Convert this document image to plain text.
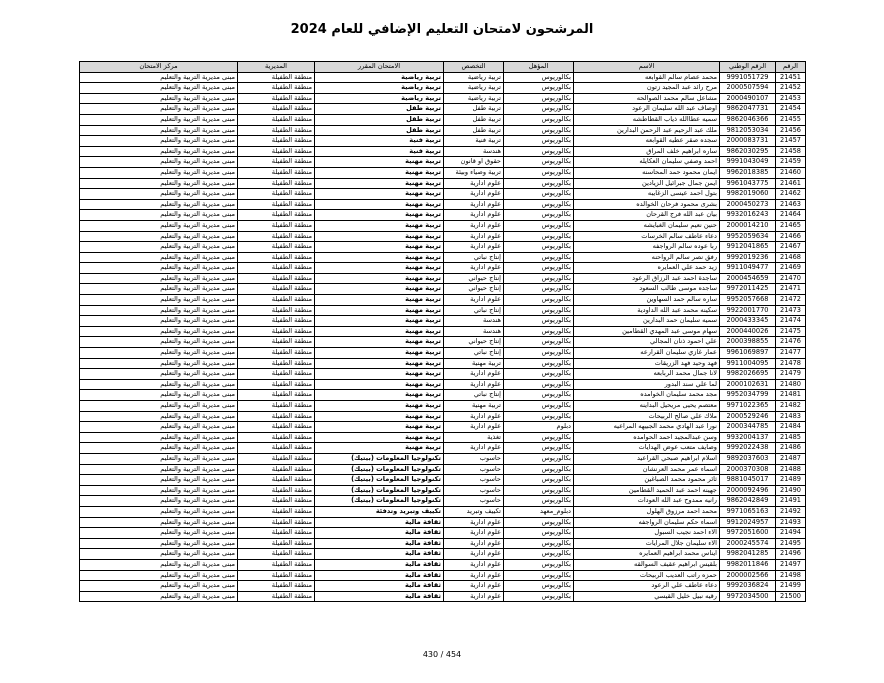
المرشحون لامتحان التعليم الإضافي للعام 2024
الرقم	الرقم الوطني	الاسم	المؤهل	التخصص	الامتحان المقرر	المديرية	مركز الامتحان
21451	9991051729	محمد عصام سالم القوابعه	بكالوريوس	تربية رياضية	تربية رياضية	منطقة الطفيلة	مبنى مديرية التربية والتعليم
21452	2000507594	مرح رائد عبد المجيد زتون	بكالوريوس	تربية رياضية	تربية رياضية	منطقة الطفيلة	مبنى مديرية التربية والتعليم
21453	2000490107	مشاعل سالم محمد الصوالحه	بكالوريوس	تربية رياضية	تربية رياضية	منطقة الطفيلة	مبنى مديرية التربية والتعليم
21454	9862047731	اوصاف عبد الله سليمان الرعود	بكالوريوس	تربية طفل	تربية طفل	منطقة الطفيلة	مبنى مديرية التربية والتعليم
21455	9862046366	سميه عطاالله ذياب القطاطشه	بكالوريوس	تربية طفل	تربية طفل	منطقة الطفيلة	مبنى مديرية التربية والتعليم
21456	9812053034	ملك عبد الرحيم عبد الرحمن البدارين	بكالوريوس	تربية طفل	تربية طفل	منطقة الطفيلة	مبنى مديرية التربية والتعليم
21457	2000083731	سجده صقر عطيه القوابعه	بكالوريوس	تربية فنية	تربية فنية	منطقة الطفيلة	مبنى مديرية التربية والتعليم
21458	9862030295	ساره ابراهيم خلف المراق	بكالوريوس	هندسة	تربية فنية	منطقة الطفيلة	مبنى مديرية التربية والتعليم
21459	9991043049	احمد وصفي سليمان العكايله	بكالوريوس	حقوق او قانون	تربية مهنية	منطقة الطفيلة	مبنى مديرية التربية والتعليم
21460	9962018385	ايمان محمود حمد المحاسنه	بكالوريوس	تربية وصياء وبيئة	تربية مهنية	منطقة الطفيلة	مبنى مديرية التربية والتعليم
21461	9961043775	ايمن جمال جبرائيل الزيادين	بكالوريوس	علوم ادارية	تربية مهنية	منطقة الطفيلة	مبنى مديرية التربية والتعليم
21462	9982019060	بتول احمد عيسى الزغايبه	بكالوريوس	علوم ادارية	تربية مهنية	منطقة الطفيلة	مبنى مديرية التربية والتعليم
21463	2000450273	بشرى محمود فرحان الخوالده	بكالوريوس	علوم ادارية	تربية مهنية	منطقة الطفيلة	مبنى مديرية التربية والتعليم
21464	9932016243	بيان عبد الله فرج القرحان	بكالوريوس	علوم ادارية	تربية مهنية	منطقة الطفيلة	مبنى مديرية التربية والتعليم
21465	2000014210	حنين نعيم سليمان الغبايشه	بكالوريوس	علوم ادارية	تربية مهنية	منطقة الطفيلة	مبنى مديرية التربية والتعليم
21466	9952059634	دعاء عاطف سالم الخرسات	بكالوريوس	علوم ادارية	تربية مهنية	منطقة الطفيلة	مبنى مديرية التربية والتعليم
21467	9912041865	ربا عوده سالم الرواجفه	بكالوريوس	علوم ادارية	تربية مهنية	منطقة الطفيلة	مبنى مديرية التربية والتعليم
21468	9992019236	رفق نصر سالم الرواحنه	بكالوريوس	إنتاج نباتي	تربية مهنية	منطقة الطفيلة	مبنى مديرية التربية والتعليم
21469	9911049477	زيد حمد علي العمايره	بكالوريوس	علوم ادارية	تربية مهنية	منطقة الطفيلة	مبنى مديرية التربية والتعليم
21470	2000454659	ساجدة احمد عبد الرزاق الرعود	بكالوريوس	إنتاج حيواني	تربية مهنية	منطقة الطفيلة	مبنى مديرية التربية والتعليم
21471	9972011425	ساجده موسى طالب السعود	بكالوريوس	إنتاج حيواني	تربية مهنية	منطقة الطفيلة	مبنى مديرية التربية والتعليم
21472	9952057668	ساره سالم حمد السهاوين	بكالوريوس	علوم ادارية	تربية مهنية	منطقة الطفيلة	مبنى مديرية التربية والتعليم
21473	9922001770	سكينه محمد عبد الله الداودية	بكالوريوس	إنتاج نباتي	تربية مهنية	منطقة الطفيلة	مبنى مديرية التربية والتعليم
21474	2000433345	سميه سليمان حمد البدارين	بكالوريوس	هندسة	تربية مهنية	منطقة الطفيلة	مبنى مديرية التربية والتعليم
21475	2000440026	سهام موسى عبد المهدي القطامين	بكالوريوس	هندسة	تربية مهنية	منطقة الطفيلة	مبنى مديرية التربية والتعليم
21476	2000398855	علي احمود ذنان المجالي	بكالوريوس	إنتاج حيواني	تربية مهنية	منطقة الطفيلة	مبنى مديرية التربية والتعليم
21477	9961069897	عمار غازي سليمان القرارعه	بكالوريوس	إنتاج نباتي	تربية مهنية	منطقة الطفيلة	مبنى مديرية التربية والتعليم
21478	9911004095	فهد وحيد فهد الزريقات	بكالوريوس	تربية مهنية	تربية مهنية	منطقة الطفيلة	مبنى مديرية التربية والتعليم
21479	9982026695	لانا جمال محمد الربابعه	بكالوريوس	علوم ادارية	تربية مهنية	منطقة الطفيلة	مبنى مديرية التربية والتعليم
21480	2000102631	لما علي سند البدور	بكالوريوس	علوم ادارية	تربية مهنية	منطقة الطفيلة	مبنى مديرية التربية والتعليم
21481	9952034799	مجد محمد سليمان الخوامده	بكالوريوس	إنتاج نباتي	تربية مهنية	منطقة الطفيلة	مبنى مديرية التربية والتعليم
21482	9971022365	معتصم يحيى مريحيل البداينه	بكالوريوس	تربية مهنية	تربية مهنية	منطقة الطفيلة	مبنى مديرية التربية والتعليم
21483	2000529246	ملاك علي صالح الربيحات	بكالوريوس	علوم ادارية	تربية مهنية	منطقة الطفيلة	مبنى مديرية التربية والتعليم
21484	2000344785	نورا عبد الهادي محمد الجبيهه المراعيه	دبلوم	علوم ادارية	تربية مهنية	منطقة الطفيلة	مبنى مديرية التربية والتعليم
21485	9932004137	وسن عبدالمجيد احمد الحوامده	بكالوريوس	تغذية	تربية مهنية	منطقة الطفيلة	مبنى مديرية التربية والتعليم
21486	9992022438	وصايف متعب عوض الهدايات	بكالوريوس	علوم ادارية	تربية مهنية	منطقة الطفيلة	مبنى مديرية التربية والتعليم
21487	9892037603	اسلام ابراهيم صبحي القراعيد	بكالوريوس	حاسوب	تكنولوجيا المعلومات (بيتيك)	منطقة الطفيلة	مبنى مديرية التربية والتعليم
21488	2000370308	اسماء عمر محمد العرنشان	بكالوريوس	حاسوب	تكنولوجيا المعلومات (بيتيك)	منطقة الطفيلة	مبنى مديرية التربية والتعليم
21489	9881045017	ثائر محمود محمد الصباغين	بكالوريوس	حاسوب	تكنولوجيا المعلومات (بيتيك)	منطقة الطفيلة	مبنى مديرية التربية والتعليم
21490	2000092496	جهينه احمد عبد الحميد القطامين	بكالوريوس	حاسوب	تكنولوجيا المعلومات (بيتيك)	منطقة الطفيلة	مبنى مديرية التربية والتعليم
21491	9862042849	رانيه ممدوح عبد الله العودات	بكالوريوس	حاسوب	تكنولوجيا المعلومات (بيتيك)	منطقة الطفيلة	مبنى مديرية التربية والتعليم
21492	9971065163	محمد احمد مرزوق الهلول	دبلوم_معهد	تكييف وتبريد	تكييف وتبريد وتدفئة	منطقة الطفيلة	مبنى مديرية التربية والتعليم
21493	9912024957	اسماء حكم سليمان الرواجفه	بكالوريوس	علوم ادارية	ثقافة مالية	منطقة الطفيلة	مبنى مديرية التربية والتعليم
21494	9972051600	الاء احمد نجيب السبول	بكالوريوس	علوم ادارية	ثقافة مالية	منطقة الطفيلة	مبنى مديرية التربية والتعليم
21495	2000245574	الاء سليمان جلال المرايات	بكالوريوس	علوم ادارية	ثقافة مالية	منطقة الطفيلة	مبنى مديرية التربية والتعليم
21496	9982041285	ايناس محمد ابراهيم العمايره	بكالوريوس	علوم ادارية	ثقافة مالية	منطقة الطفيلة	مبنى مديرية التربية والتعليم
21497	9982011846	بلقيس ابراهيم عقيف السوالقه	بكالوريوس	علوم ادارية	ثقافة مالية	منطقة الطفيلة	مبنى مديرية التربية والتعليم
21498	2000002566	حمزه راتب العديب الربيحات	بكالوريوس	علوم ادارية	ثقافة مالية	منطقة الطفيلة	مبنى مديرية التربية والتعليم
21499	9992036824	دعاء عاطف علي الرعود	بكالوريوس	علوم ادارية	ثقافة مالية	منطقة الطفيلة	مبنى مديرية التربية والتعليم
21500	9972034500	رقيه نبيل خليل القيسي	بكالوريوس	علوم ادارية	ثقافة مالية	منطقة الطفيلة	مبنى مديرية التربية والتعليم
430 / 454
